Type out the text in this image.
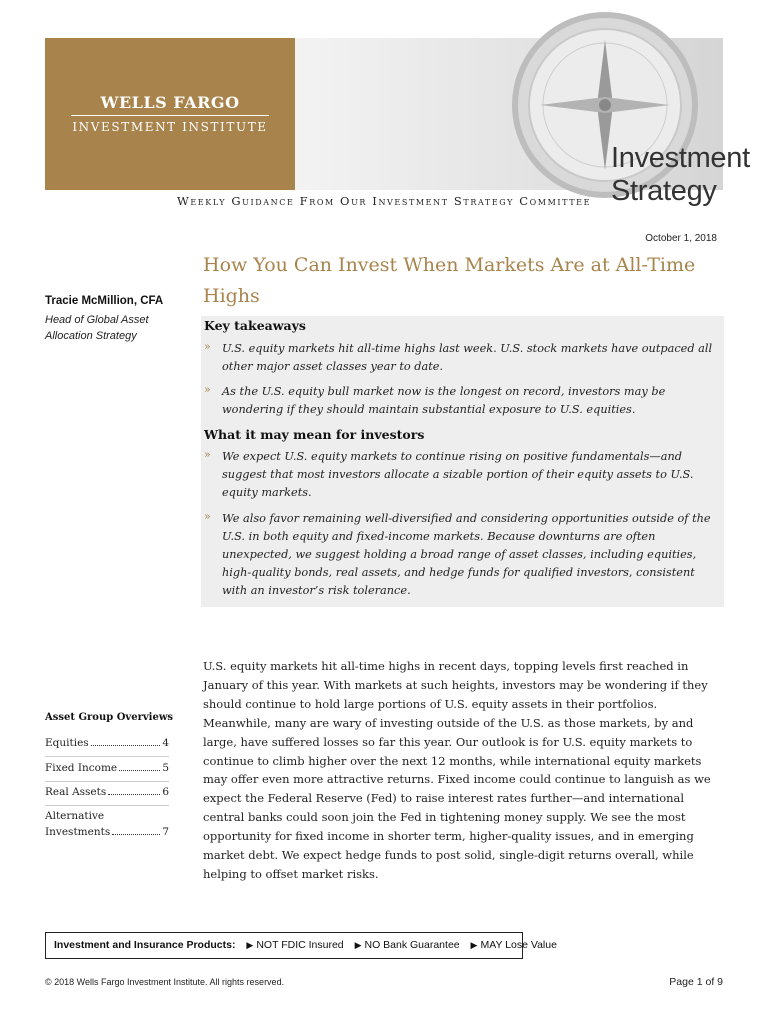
WELLS FARGO
INVESTMENT INSTITUTE
Investment Strategy
Weekly Guidance From Our Investment Strategy Committee
October 1, 2018
How You Can Invest When Markets Are at All-Time Highs
Tracie McMillion, CFA
Head of Global Asset Allocation Strategy
Key takeaways
» U.S. equity markets hit all-time highs last week. U.S. stock markets have outpaced all other major asset classes year to date.
» As the U.S. equity bull market now is the longest on record, investors may be wondering if they should maintain substantial exposure to U.S. equities.
What it may mean for investors
» We expect U.S. equity markets to continue rising on positive fundamentals—and suggest that most investors allocate a sizable portion of their equity assets to U.S. equity markets.
» We also favor remaining well-diversified and considering opportunities outside of the U.S. in both equity and fixed-income markets. Because downturns are often unexpected, we suggest holding a broad range of asset classes, including equities, high-quality bonds, real assets, and hedge funds for qualified investors, consistent with an investor’s risk tolerance.
U.S. equity markets hit all-time highs in recent days, topping levels first reached in January of this year. With markets at such heights, investors may be wondering if they should continue to hold large portions of U.S. equity assets in their portfolios. Meanwhile, many are wary of investing outside of the U.S. as those markets, by and large, have suffered losses so far this year. Our outlook is for U.S. equity markets to continue to climb higher over the next 12 months, while international equity markets may offer even more attractive returns. Fixed income could continue to languish as we expect the Federal Reserve (Fed) to raise interest rates further—and international central banks could soon join the Fed in tightening money supply. We see the most opportunity for fixed income in shorter term, higher-quality issues, and in emerging market debt. We expect hedge funds to post solid, single-digit returns overall, while helping to offset market risks.
Asset Group Overviews
Equities	4
Fixed Income	5
Real Assets	6
Alternative
Investments	7
Investment and Insurance Products: ▶ NOT FDIC Insured ▶ NO Bank Guarantee ▶ MAY Lose Value
© 2018 Wells Fargo Investment Institute. All rights reserved.	Page 1 of 9
